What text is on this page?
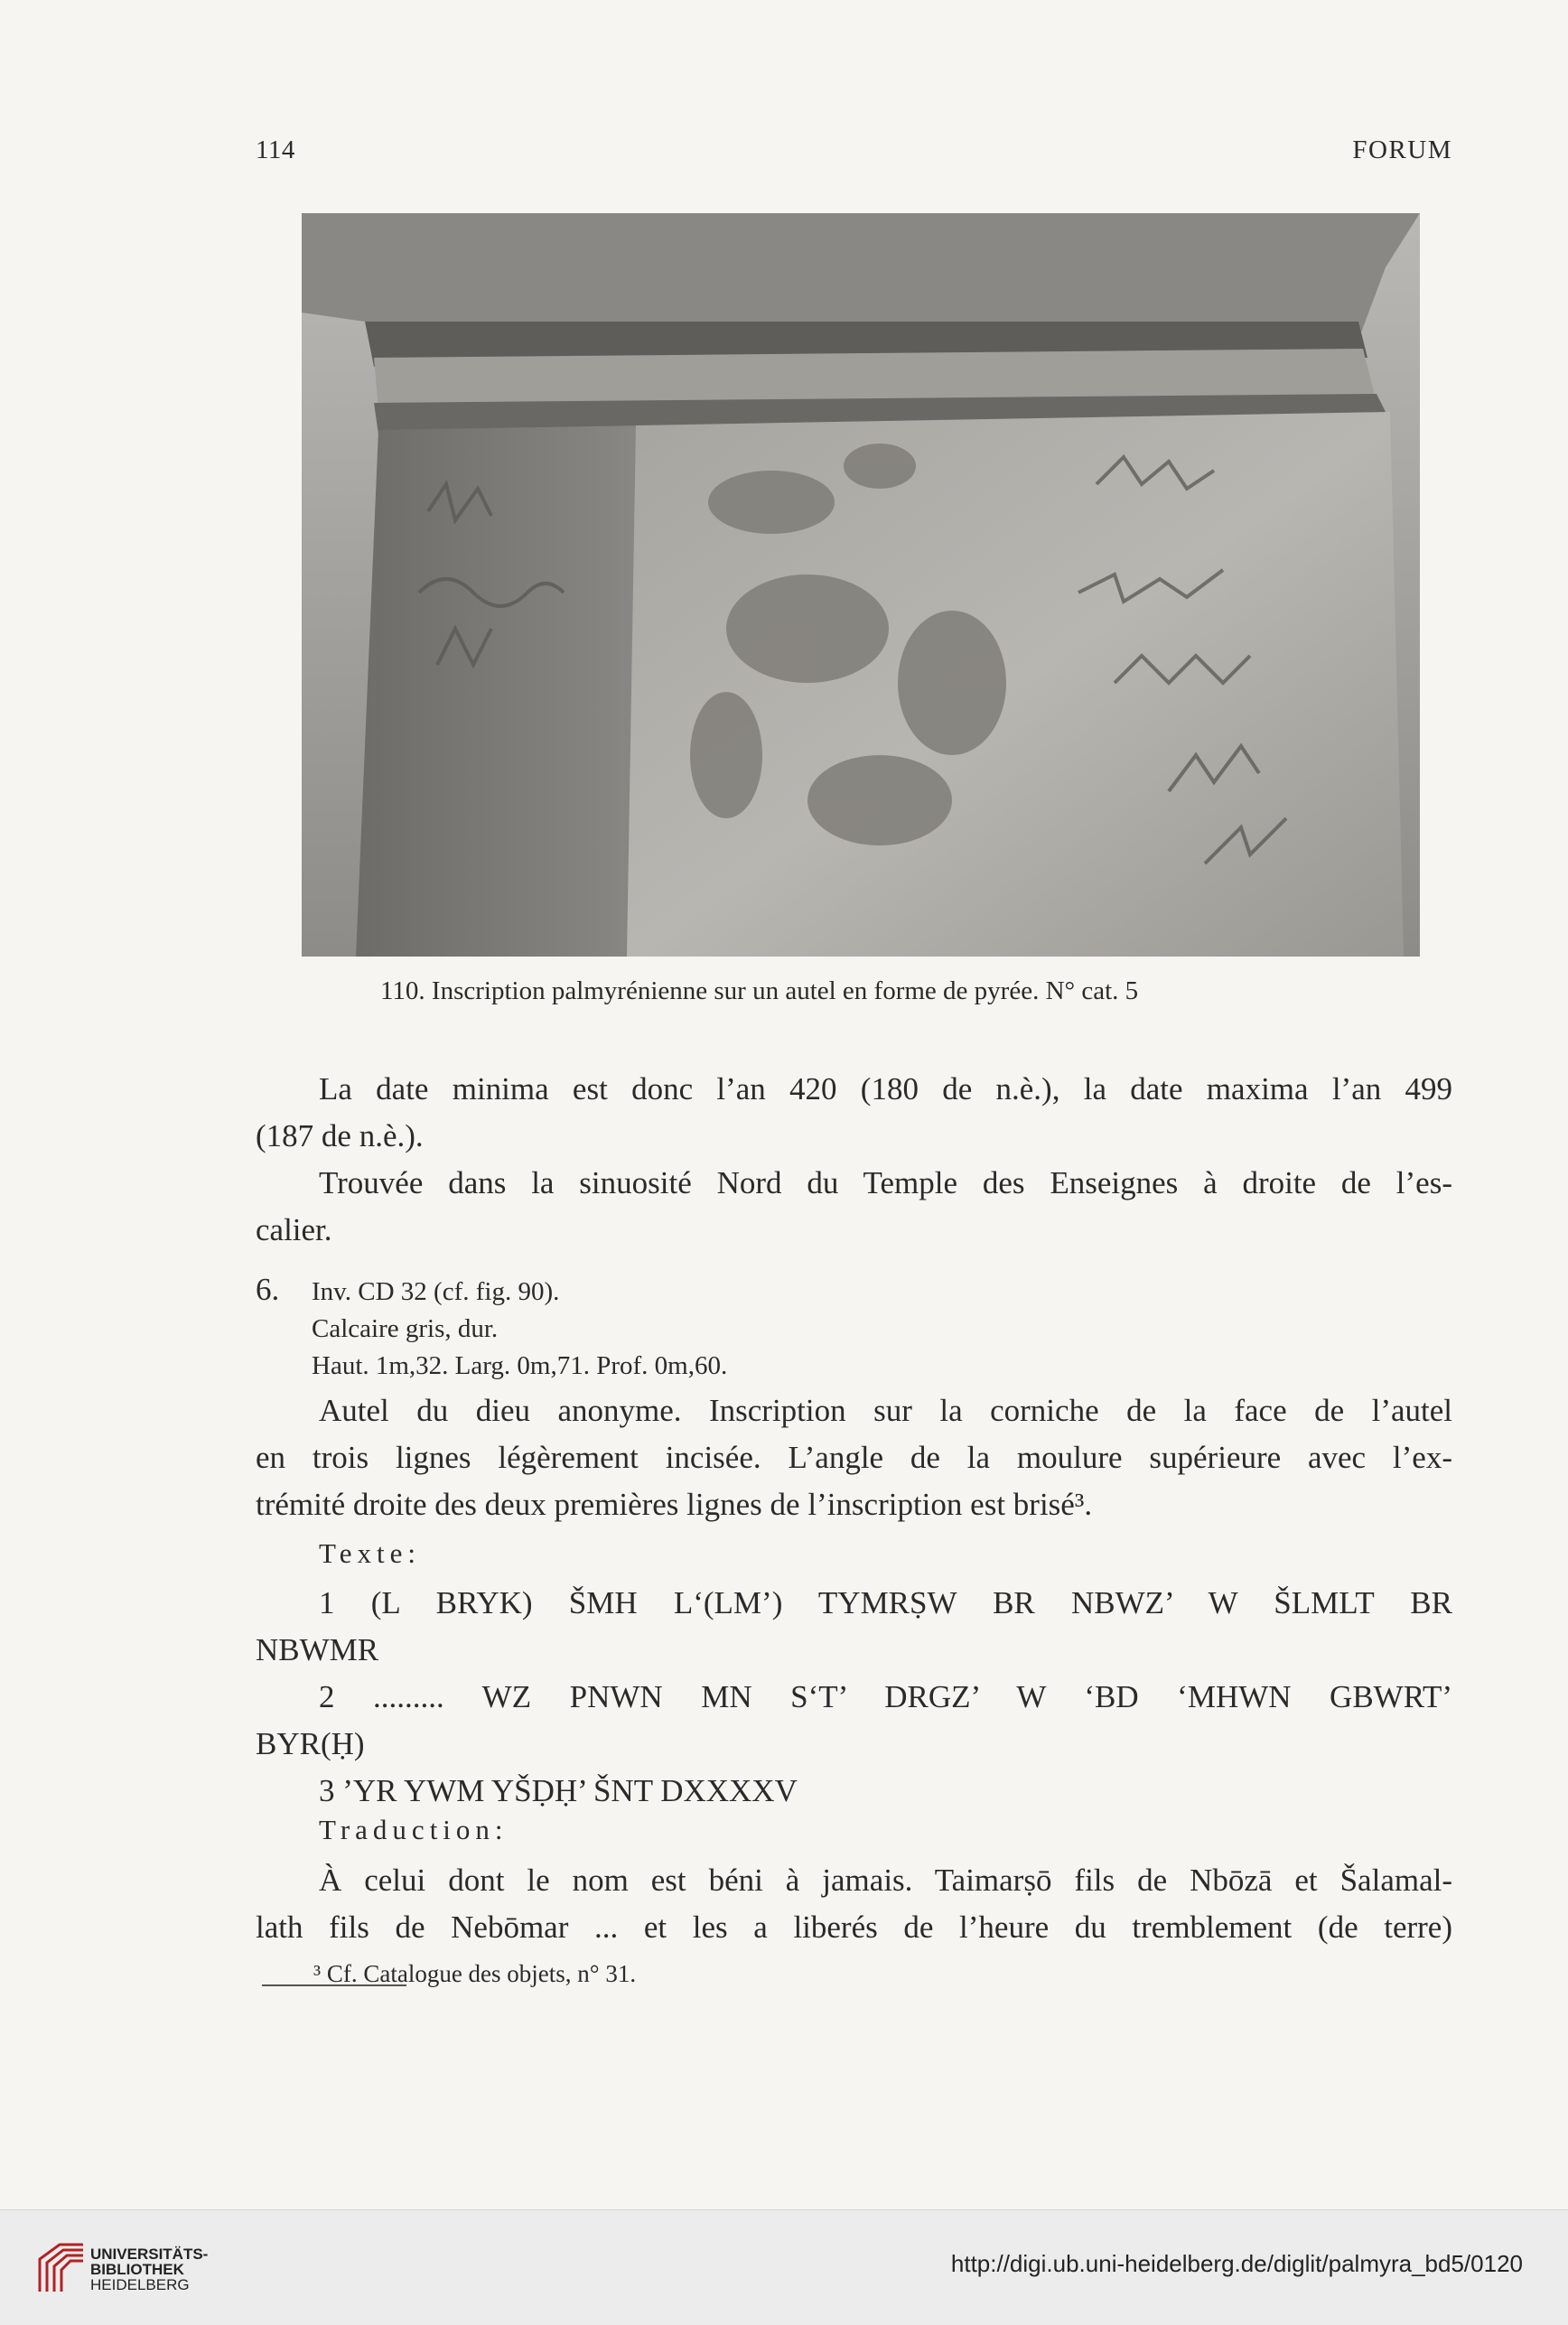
114	FORUM
110. Inscription palmyrénienne sur un autel en forme de pyrée. N° cat. 5
La date minima est donc l’an 420 (180 de n.è.), la date maxima l’an 499
(187 de n.è.).
Trouvée dans la sinuosité Nord du Temple des Enseignes à droite de l’es-
calier.
6. Inv. CD 32 (cf. fig. 90).
Calcaire gris, dur.
Haut. 1m,32. Larg. 0m,71. Prof. 0m,60.
Autel du dieu anonyme. Inscription sur la corniche de la face de l’autel
en trois lignes légèrement incisée. L’angle de la moulure supérieure avec l’ex-
trémité droite des deux premières lignes de l’inscription est brisé³.
Texte:
1 (L BRYK) ŠMH L‘(LM’) TYMRṢW BR NBWZ’ W ŠLMLT BR
NBWMR
2 ......... WZ PNWN MN S‘T’ DRGZ’ W ‘BD ‘MHWN GBWRT’
BYR(Ḥ)
3 ’YR YWM YŠḌḤ’ ŠNT DXXXXV
Traduction:
À celui dont le nom est béni à jamais. Taimarṣō fils de Nbōzā et Šalamal-
lath fils de Nebōmar ... et les a liberés de l’heure du tremblement (de terre)
³ Cf. Catalogue des objets, n° 31.
UNIVERSITÄTS-
BIBLIOTHEK
HEIDELBERG
http://digi.ub.uni-heidelberg.de/diglit/palmyra_bd5/0120
